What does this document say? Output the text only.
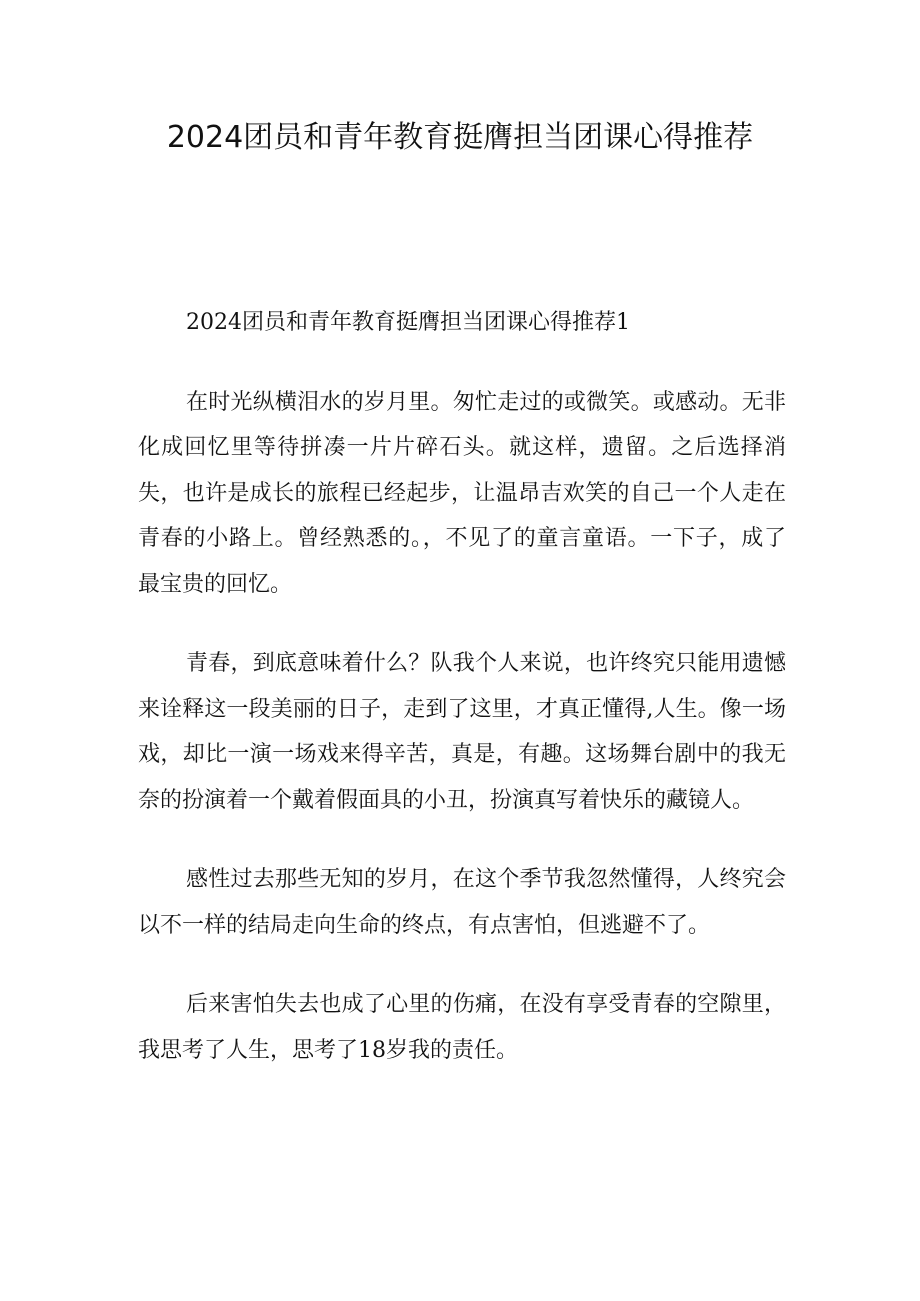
2024团员和青年教育挺膺担当团课心得推荐

2024团员和青年教育挺膺担当团课心得推荐1

在时光纵横泪水的岁月里。匆忙走过的或微笑。或感动。无非化成回忆里等待拼凑一片片碎石头。就这样，遗留。之后选择消失，也许是成长的旅程已经起步，让温昂吉欢笑的自己一个人走在青春的小路上。曾经熟悉的。，不见了的童言童语。一下子，成了最宝贵的回忆。

青春，到底意味着什么？队我个人来说，也许终究只能用遗憾来诠释这一段美丽的日子，走到了这里，才真正懂得,人生。像一场戏，却比一演一场戏来得辛苦，真是，有趣。这场舞台剧中的我无奈的扮演着一个戴着假面具的小丑，扮演真写着快乐的藏镜人。

感性过去那些无知的岁月，在这个季节我忽然懂得，人终究会以不一样的结局走向生命的终点，有点害怕，但逃避不了。

后来害怕失去也成了心里的伤痛，在没有享受青春的空隙里，我思考了人生，思考了18岁我的责任。
